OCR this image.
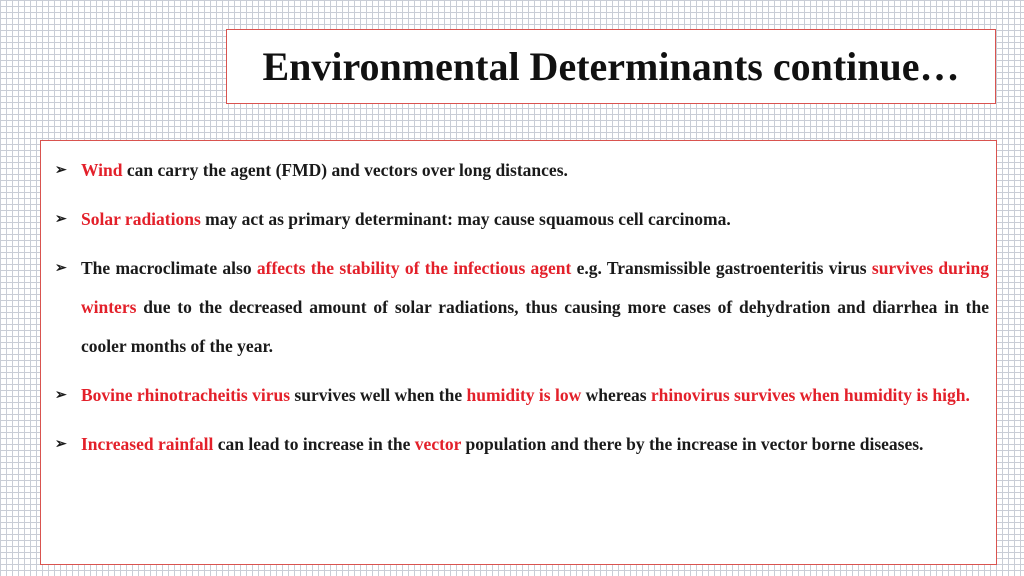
Environmental Determinants continue…
➢ Wind can carry the agent (FMD) and vectors over long distances.
➢ Solar radiations may act as primary determinant: may cause squamous cell carcinoma.
➢ The macroclimate also affects the stability of the infectious agent e.g. Transmissible gastroenteritis virus survives during winters due to the decreased amount of solar radiations, thus causing more cases of dehydration and diarrhea in the cooler months of the year.
➢ Bovine rhinotracheitis virus survives well when the humidity is low whereas rhinovirus survives when humidity is high.
➢ Increased rainfall can lead to increase in the vector population and there by the increase in vector borne diseases.
